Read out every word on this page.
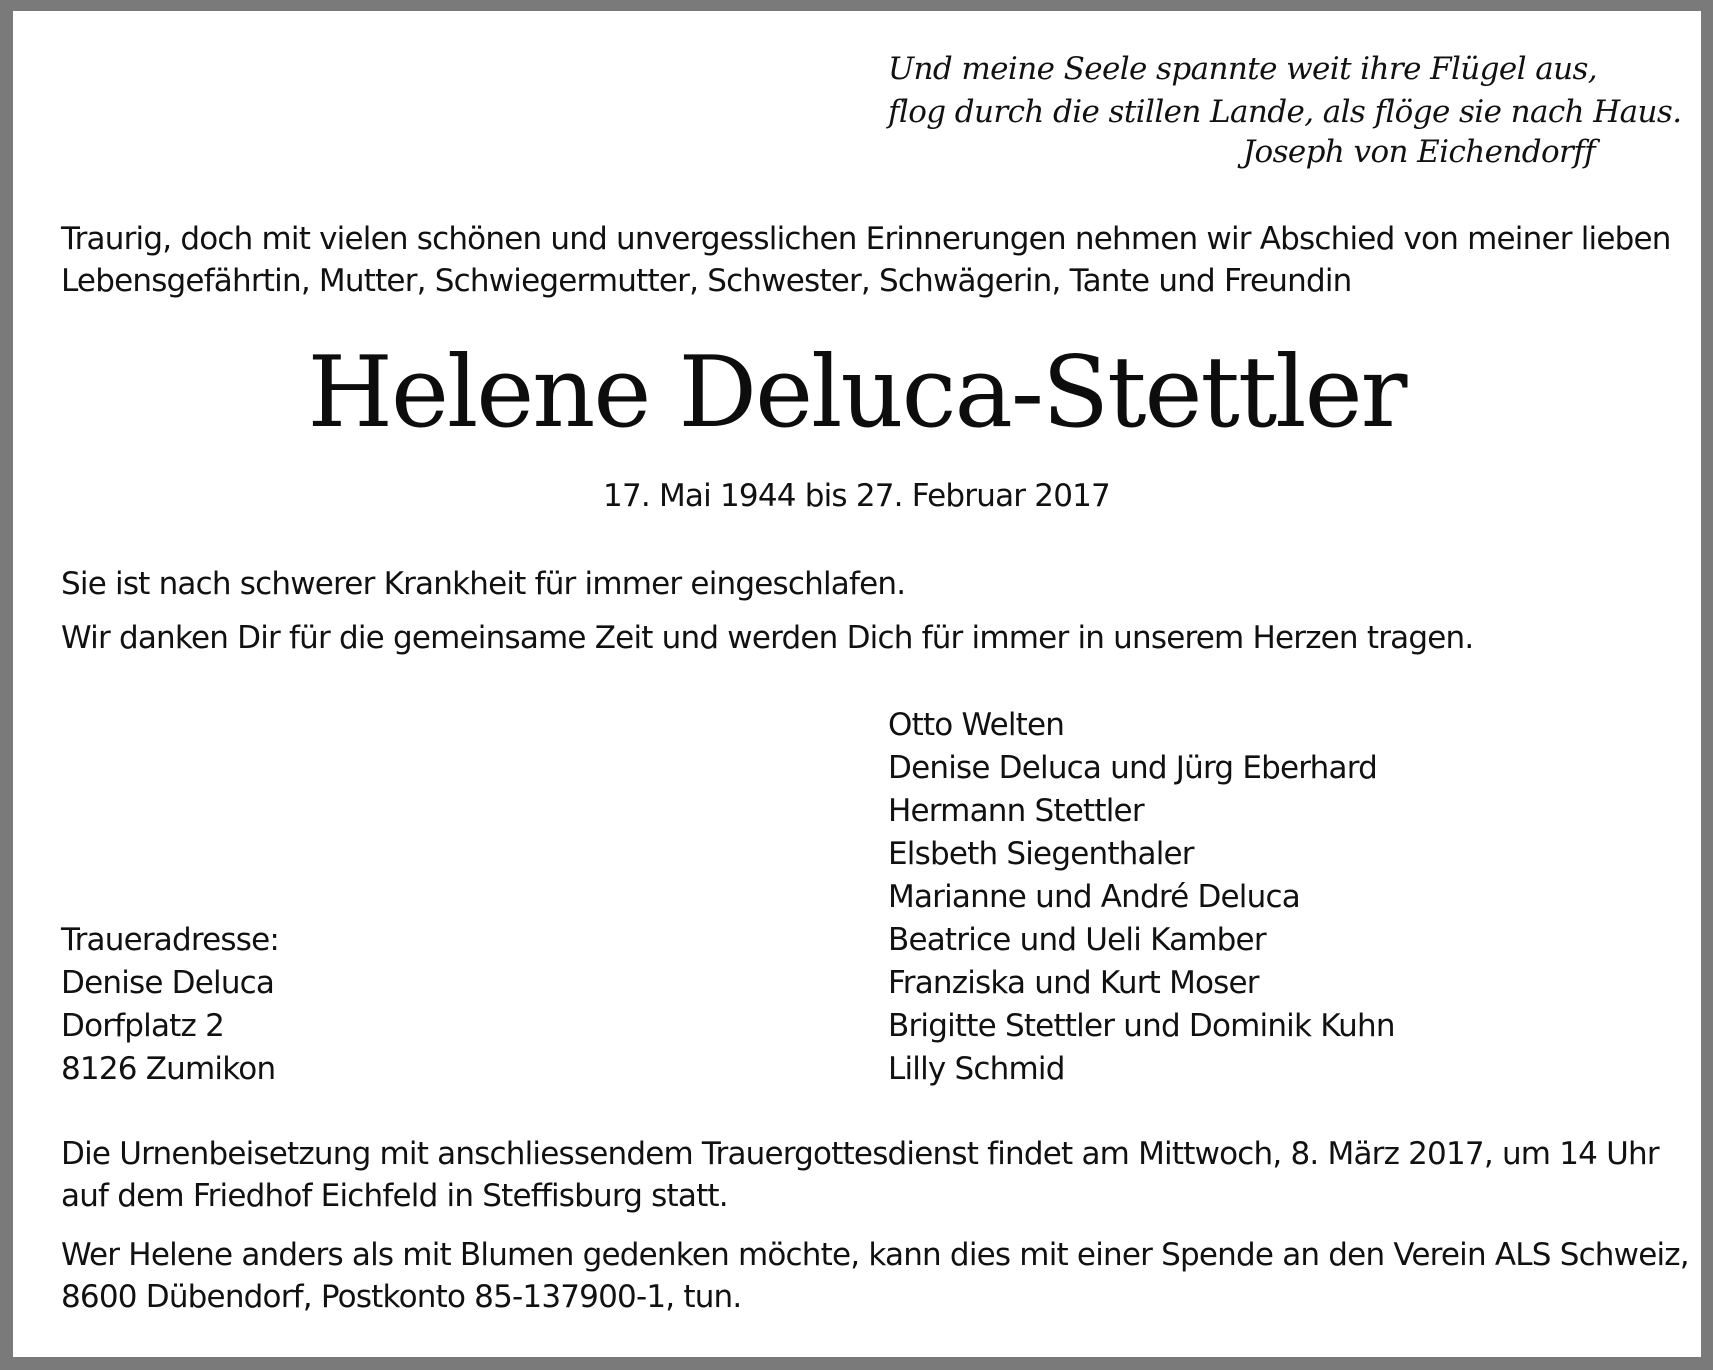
Und meine Seele spannte weit ihre Flügel aus,
flog durch die stillen Lande, als flöge sie nach Haus.
Joseph von Eichendorff
Traurig, doch mit vielen schönen und unvergesslichen Erinnerungen nehmen wir Abschied von meiner lieben
Lebensgefährtin, Mutter, Schwiegermutter, Schwester, Schwägerin, Tante und Freundin
Helene Deluca-Stettler
17. Mai 1944 bis 27. Februar 2017
Sie ist nach schwerer Krankheit für immer eingeschlafen.
Wir danken Dir für die gemeinsame Zeit und werden Dich für immer in unserem Herzen tragen.
Otto Welten
Denise Deluca und Jürg Eberhard
Hermann Stettler
Elsbeth Siegenthaler
Marianne und André Deluca
Beatrice und Ueli Kamber
Franziska und Kurt Moser
Brigitte Stettler und Dominik Kuhn
Lilly Schmid
Traueradresse:
Denise Deluca
Dorfplatz 2
8126 Zumikon
Die Urnenbeisetzung mit anschliessendem Trauergottesdienst findet am Mittwoch, 8. März 2017, um 14 Uhr
auf dem Friedhof Eichfeld in Steffisburg statt.
Wer Helene anders als mit Blumen gedenken möchte, kann dies mit einer Spende an den Verein ALS Schweiz,
8600 Dübendorf, Postkonto 85-137900-1, tun.
